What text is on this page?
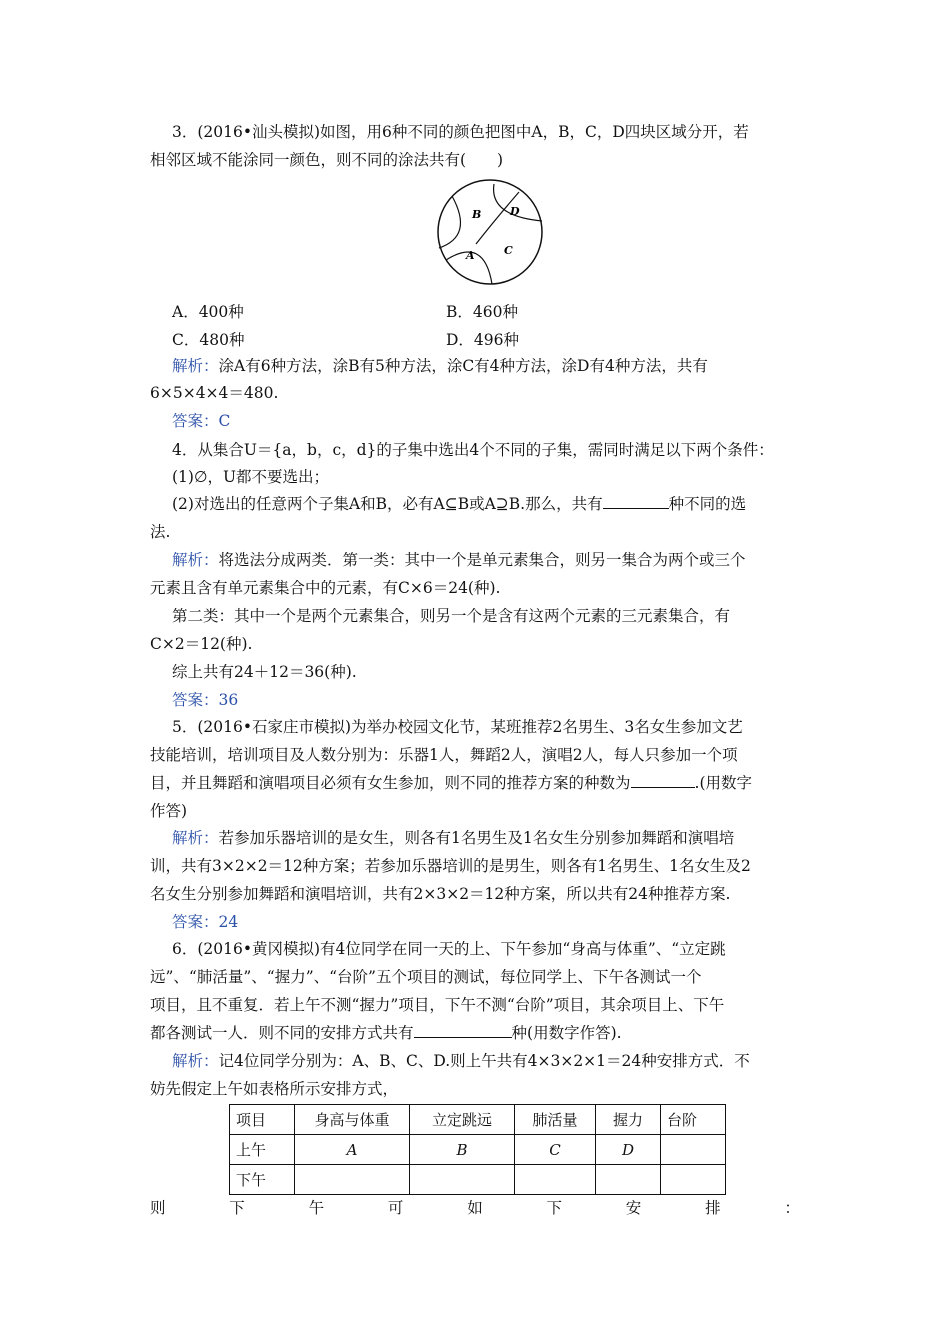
3．(2016•汕头模拟)如图，用6种不同的颜色把图中A，B，C，D四块区域分开，若
相邻区域不能涂同一颜色，则不同的涂法共有(　　)
B	D
C
A
A．400种	B．460种
C．480种	D．496种
解析：涂A有6种方法，涂B有5种方法，涂C有4种方法，涂D有4种方法，共有
6×5×4×4＝480.
答案：C
4．从集合U＝{a，b，c，d}的子集中选出4个不同的子集，需同时满足以下两个条件：
(1)∅，U都不要选出；
(2)对选出的任意两个子集A和B，必有A⊆B或A⊇B.那么，共有	种不同的选
法.
解析：将选法分成两类．第一类：其中一个是单元素集合，则另一集合为两个或三个
元素且含有单元素集合中的元素，有C×6＝24(种).
第二类：其中一个是两个元素集合，则另一个是含有这两个元素的三元素集合，有
C×2＝12(种).
综上共有24＋12＝36(种).
答案：36
5．(2016•石家庄市模拟)为举办校园文化节，某班推荐2名男生、3名女生参加文艺
技能培训，培训项目及人数分别为：乐器1人，舞蹈2人，演唱2人，每人只参加一个项
目，并且舞蹈和演唱项目必须有女生参加，则不同的推荐方案的种数为	.(用数字
作答)
解析：若参加乐器培训的是女生，则各有1名男生及1名女生分别参加舞蹈和演唱培
训，共有3×2×2＝12种方案；若参加乐器培训的是男生，则各有1名男生、1名女生及2
名女生分别参加舞蹈和演唱培训，共有2×3×2＝12种方案，所以共有24种推荐方案.
答案：24
6．(2016•黄冈模拟)有4位同学在同一天的上、下午参加“身高与体重”、“立定跳
远”、“肺活量”、“握力”、“台阶”五个项目的测试，每位同学上、下午各测试一个
项目，且不重复．若上午不测“握力”项目，下午不测“台阶”项目，其余项目上、下午
都各测试一人．则不同的安排方式共有	种(用数字作答).
解析：记4位同学分别为：A、B、C、D.则上午共有4×3×2×1＝24种安排方式．不
妨先假定上午如表格所示安排方式，
项目	身高与体重	立定跳远	肺活量	握力	台阶
上午	A	B	C	D	
下午					
则	下	午	可	如	下	安	排	：
